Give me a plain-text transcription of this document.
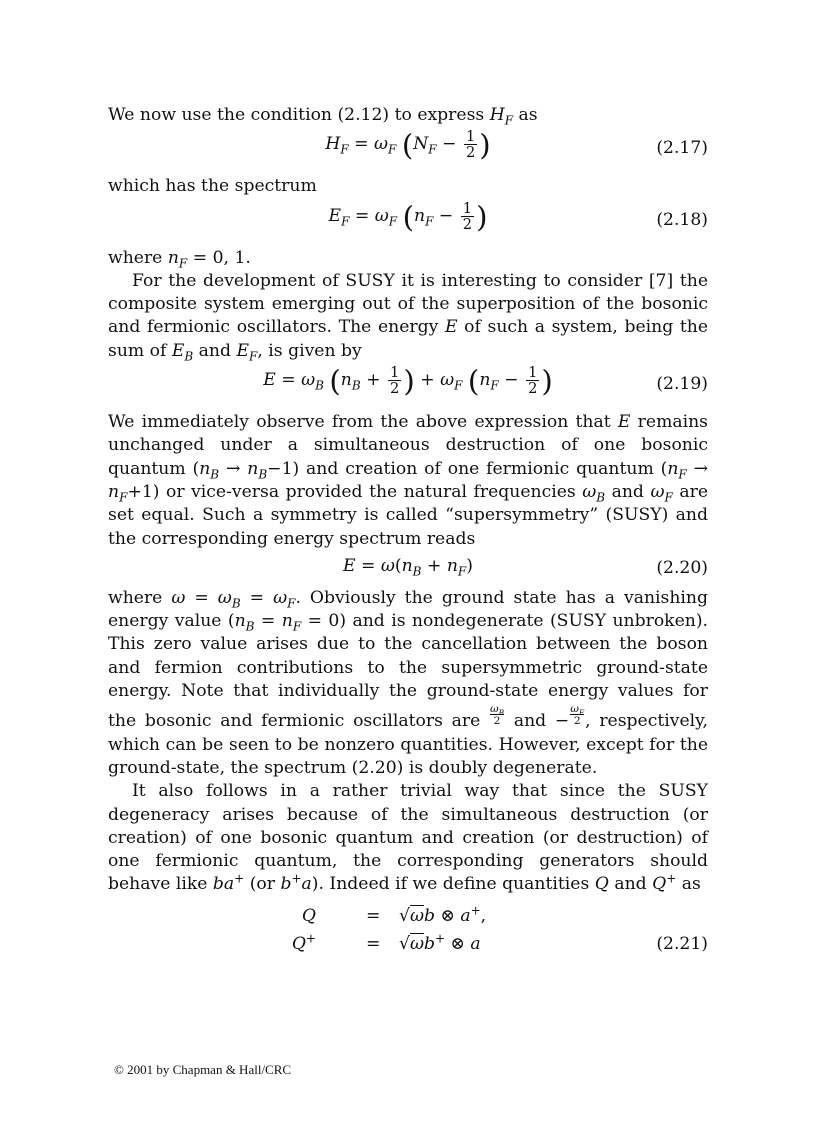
We now use the condition (2.12) to express $H_F$ as

$H_F = \omega_F$ ($N_F - \frac{1}{2}$ )	(2.17)

which has the spectrum

$E_F = \omega_F$ ($n_F - \frac{1}{2}$ )	(2.18)

where $n_F = 0$, 1.

For the development of SUSY it is interesting to consider [7] the composite system emerging out of the superposition of the bosonic and fermionic oscillators. The energy E of such a system, being the sum of $E_B$ and $E_F$, is given by

$E = \omega_B$ ($n_B + \frac{1}{2}$ ) + $\omega_F$ ($n_F - \frac{1}{2}$ )	(2.19)

We immediately observe from the above expression that E remains unchanged under a simultaneous destruction of one bosonic quantum $(n_B \to n_B-1)$ and creation of one fermionic quantum $(n_F \to n_F+1)$ or vice-versa provided the natural frequencies $\omega_B$ and $\omega_F$ are set equal. Such a symmetry is called “supersymmetry” (SUSY) and the corresponding energy spectrum reads

$E = \omega(n_B + n_F)$	(2.20)

where $\omega = \omega_B = \omega_F$. Obviously the ground state has a vanishing energy value $(n_B = n_F = 0)$ and is nondegenerate (SUSY unbroken). This zero value arises due to the cancellation between the boson and fermion contributions to the supersymmetric ground-state energy. Note that individually the ground-state energy values for the bosonic and fermionic oscillators are $\frac{\omega_B}{2}$ and − $\frac{\omega_F}{2}$ , respectively, which can be seen to be nonzero quantities. However, except for the ground-state, the spectrum (2.20) is doubly degenerate.

It also follows in a rather trivial way that since the SUSY degeneracy arises because of the simultaneous destruction (or creation) of one bosonic quantum and creation (or destruction) of one fermionic quantum, the corresponding generators should behave like ba+ (or b+a). Indeed if we define quantities Q and Q+ as

Q	= √ωb ⊗ a+,
Q+	= √ωb+ ⊗ a	(2.21)
© 2001 by Chapman & Hall/CRC
